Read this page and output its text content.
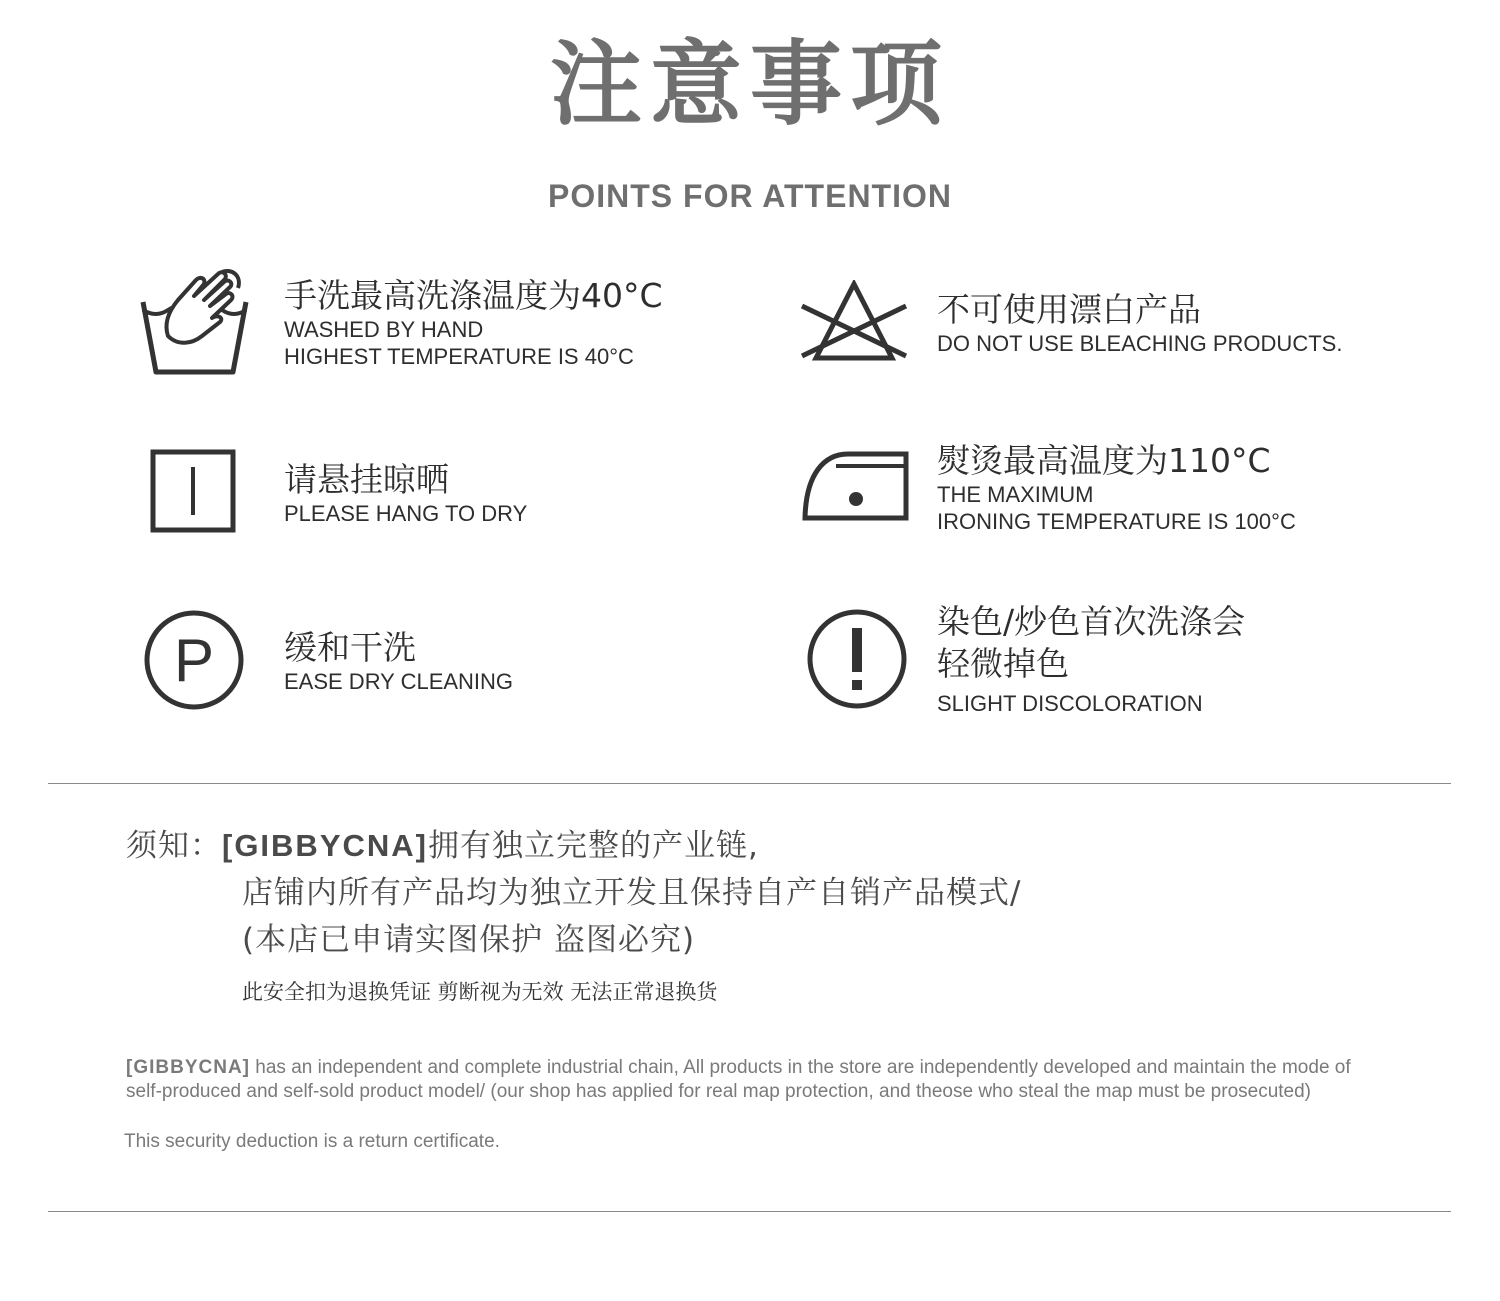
注意事项
POINTS FOR ATTENTION
手洗最高洗涤温度为40°C
WASHED BY HAND
HIGHEST TEMPERATURE IS 40°C
不可使用漂白产品
DO NOT USE BLEACHING PRODUCTS.
请悬挂晾晒
PLEASE HANG TO DRY
熨烫最高温度为110°C
THE MAXIMUM
IRONING TEMPERATURE IS 100°C
P 缓和干洗
EASE DRY CLEANING
染色/炒色首次洗涤会
轻微掉色
SLIGHT DISCOLORATION
须知：[GIBBYCNA]拥有独立完整的产业链,
店铺内所有产品均为独立开发且保持自产自销产品模式/
(本店已申请实图保护 盗图必究)
此安全扣为退换凭证 剪断视为无效 无法正常退换货
[GIBBYCNA] has an independent and complete industrial chain, All products in the store are independently developed and maintain the mode of self-produced and self-sold product model/ (our shop has applied for real map protection, and theose who steal the map must be prosecuted)
This security deduction is a return certificate.
